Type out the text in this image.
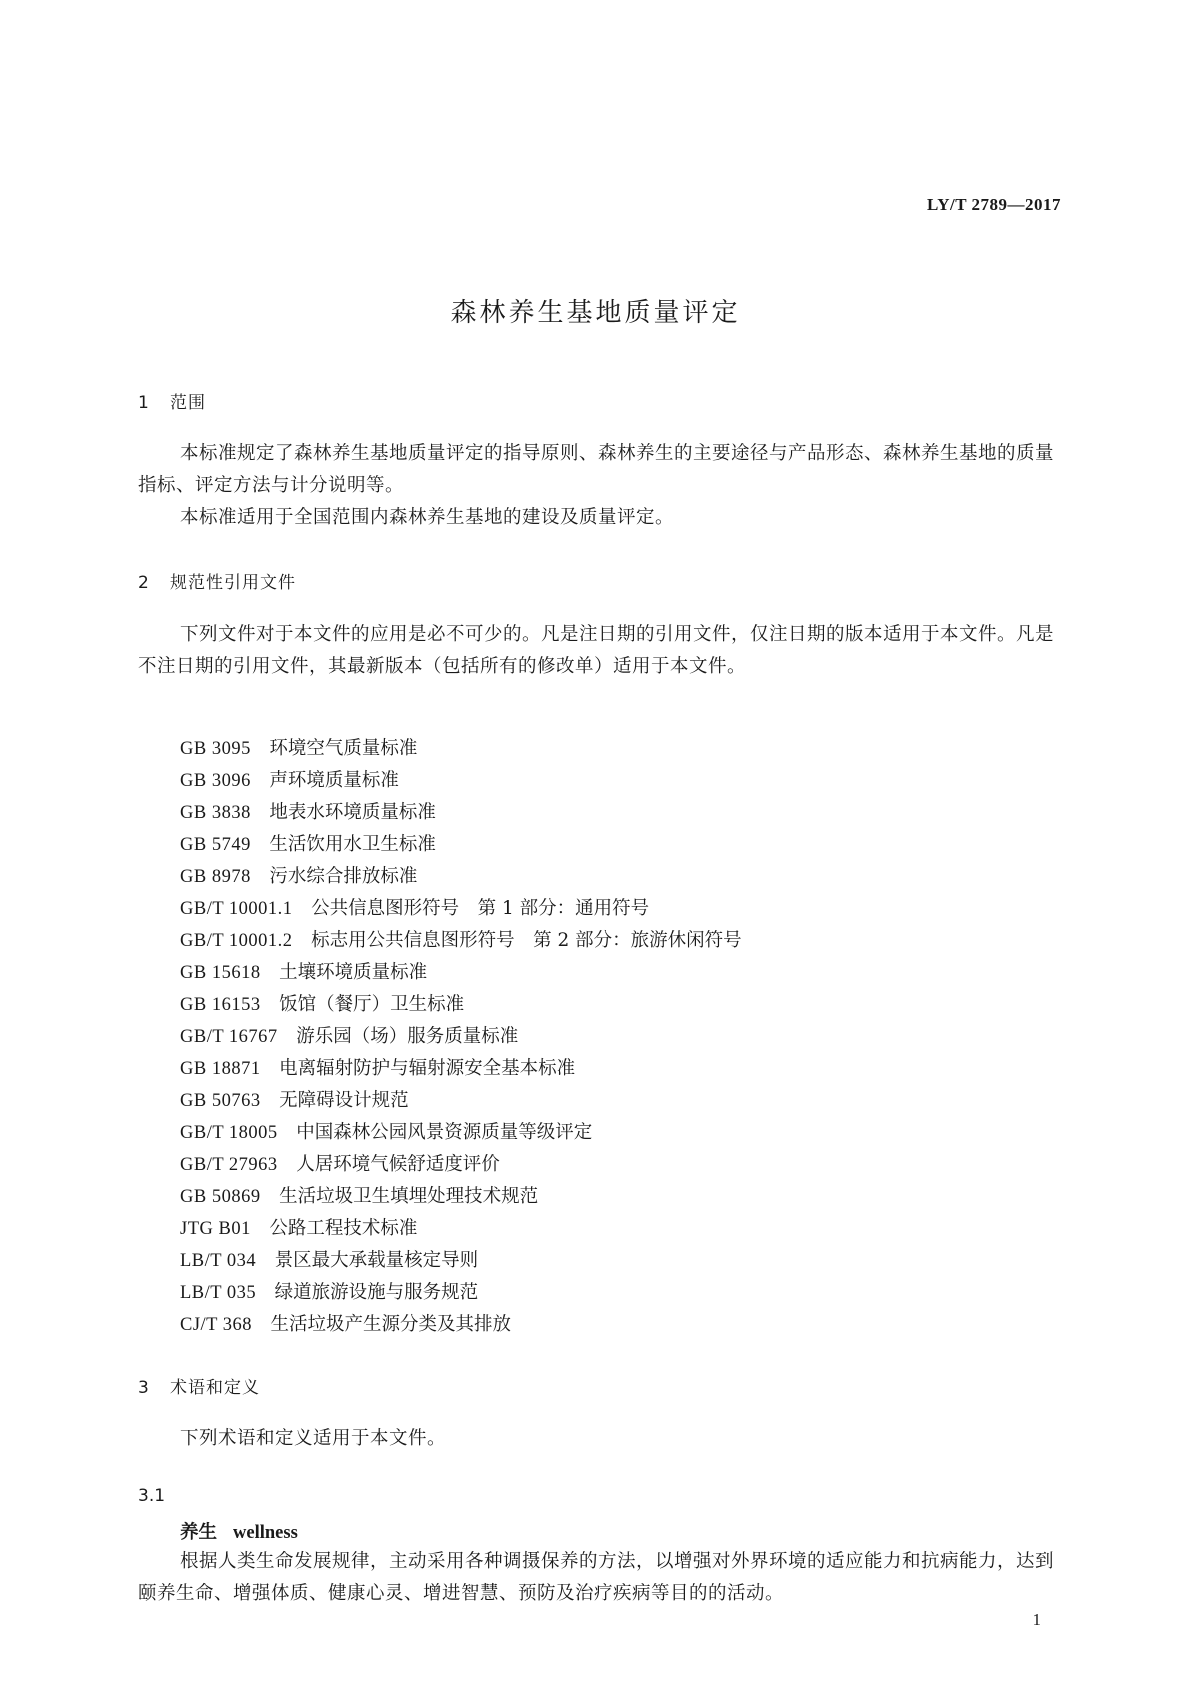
LY/T 2789—2017
森林养生基地质量评定
1 范围
本标准规定了森林养生基地质量评定的指导原则、森林养生的主要途径与产品形态、森林养生基地的质量指标、评定方法与计分说明等。
本标准适用于全国范围内森林养生基地的建设及质量评定。
2 规范性引用文件
下列文件对于本文件的应用是必不可少的。凡是注日期的引用文件，仅注日期的版本适用于本文件。凡是不注日期的引用文件，其最新版本（包括所有的修改单）适用于本文件。
GB 3095　 环境空气质量标准
GB 3096　 声环境质量标准
GB 3838　 地表水环境质量标准
GB 5749　 生活饮用水卫生标准
GB 8978　 污水综合排放标准
GB/T 10001.1　 公共信息图形符号　第 1 部分：通用符号
GB/T 10001.2　 标志用公共信息图形符号　第 2 部分：旅游休闲符号
GB 15618　 土壤环境质量标准
GB 16153　 饭馆（餐厅）卫生标准
GB/T 16767　 游乐园（场）服务质量标准
GB 18871　 电离辐射防护与辐射源安全基本标准
GB 50763　 无障碍设计规范
GB/T 18005　 中国森林公园风景资源质量等级评定
GB/T 27963　 人居环境气候舒适度评价
GB 50869　 生活垃圾卫生填埋处理技术规范
JTG B01　 公路工程技术标准
LB/T 034　 景区最大承载量核定导则
LB/T 035　 绿道旅游设施与服务规范
CJ/T 368　 生活垃圾产生源分类及其排放
3 术语和定义
下列术语和定义适用于本文件。
3.1
养生 wellness
根据人类生命发展规律，主动采用各种调摄保养的方法，以增强对外界环境的适应能力和抗病能力，达到颐养生命、增强体质、健康心灵、增进智慧、预防及治疗疾病等目的的活动。
1
